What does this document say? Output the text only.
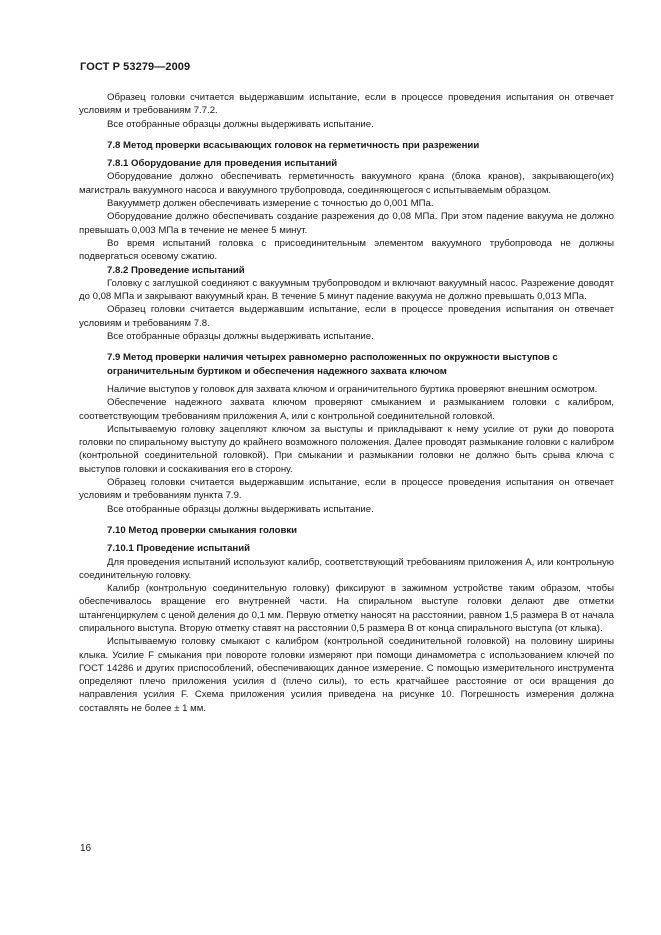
ГОСТ Р 53279—2009

Образец головки считается выдержавшим испытание, если в процессе проведения испытания он отвечает условиям и требованиям 7.7.2.

Все отобранные образцы должны выдерживать испытание.

7.8 Метод проверки всасывающих головок на герметичность при разрежении

7.8.1 Оборудование для проведения испытаний

Оборудование должно обеспечивать герметичность вакуумного крана (блока кранов), закрывающего(их) магистраль вакуумного насоса и вакуумного трубопровода, соединяющегося с испытываемым образцом.

Вакуумметр должен обеспечивать измерение с точностью до 0,001 МПа.

Оборудование должно обеспечивать создание разрежения до 0,08 МПа. При этом падение вакуума не должно превышать 0,003 МПа в течение не менее 5 минут.

Во время испытаний головка с присоединительным элементом вакуумного трубопровода не должны подвергаться осевому сжатию.

7.8.2 Проведение испытаний

Головку с заглушкой соединяют с вакуумным трубопроводом и включают вакуумный насос. Разрежение доводят до 0,08 МПа и закрывают вакуумный кран. В течение 5 минут падение вакуума не должно превышать 0,013 МПа.

Образец головки считается выдержавшим испытание, если в процессе проведения испытания он отвечает условиям и требованиям 7.8.

Все отобранные образцы должны выдерживать испытание.

7.9 Метод проверки наличия четырех равномерно расположенных по окружности выступов с ограничительным буртиком и обеспечения надежного захвата ключом

Наличие выступов у головок для захвата ключом и ограничительного буртика проверяют внешним осмотром.

Обеспечение надежного захвата ключом проверяют смыканием и размыканием головки с калибром, соответствующим требованиям приложения А, или с контрольной соединительной головкой.

Испытываемую головку зацепляют ключом за выступы и прикладывают к нему усилие от руки до поворота головки по спиральному выступу до крайнего возможного положения. Далее проводят размыкание головки с калибром (контрольной соединительной головкой). При смыкании и размыкании головки не должно быть срыва ключа с выступов головки и соскакивания его в сторону.

Образец головки считается выдержавшим испытание, если в процессе проведения испытания он отвечает условиям и требованиям пункта 7.9.

Все отобранные образцы должны выдерживать испытание.

7.10 Метод проверки смыкания головки

7.10.1 Проведение испытаний

Для проведения испытаний используют калибр, соответствующий требованиям приложения А, или контрольную соединительную головку.

Калибр (контрольную соединительную головку) фиксируют в зажимном устройстве таким образом, чтобы обеспечивалось вращение его внутренней части. На спиральном выступе головки делают две отметки штангенциркулем с ценой деления до 0,1 мм. Первую отметку наносят на расстоянии, равном 1,5 размера B от начала спирального выступа. Вторую отметку ставят на расстоянии 0,5 размера B от конца спирального выступа (от клыка).

Испытываемую головку смыкают с калибром (контрольной соединительной головкой) на половину ширины клыка. Усилие F смыкания при повороте головки измеряют при помощи динамометра с использованием ключей по ГОСТ 14286 и других приспособлений, обеспечивающих данное измерение. С помощью измерительного инструмента определяют плечо приложения усилия d (плечо силы), то есть кратчайшее расстояние от оси вращения до направления усилия F. Схема приложения усилия приведена на рисунке 10. Погрешность измерения должна составлять не более ± 1 мм.

16
